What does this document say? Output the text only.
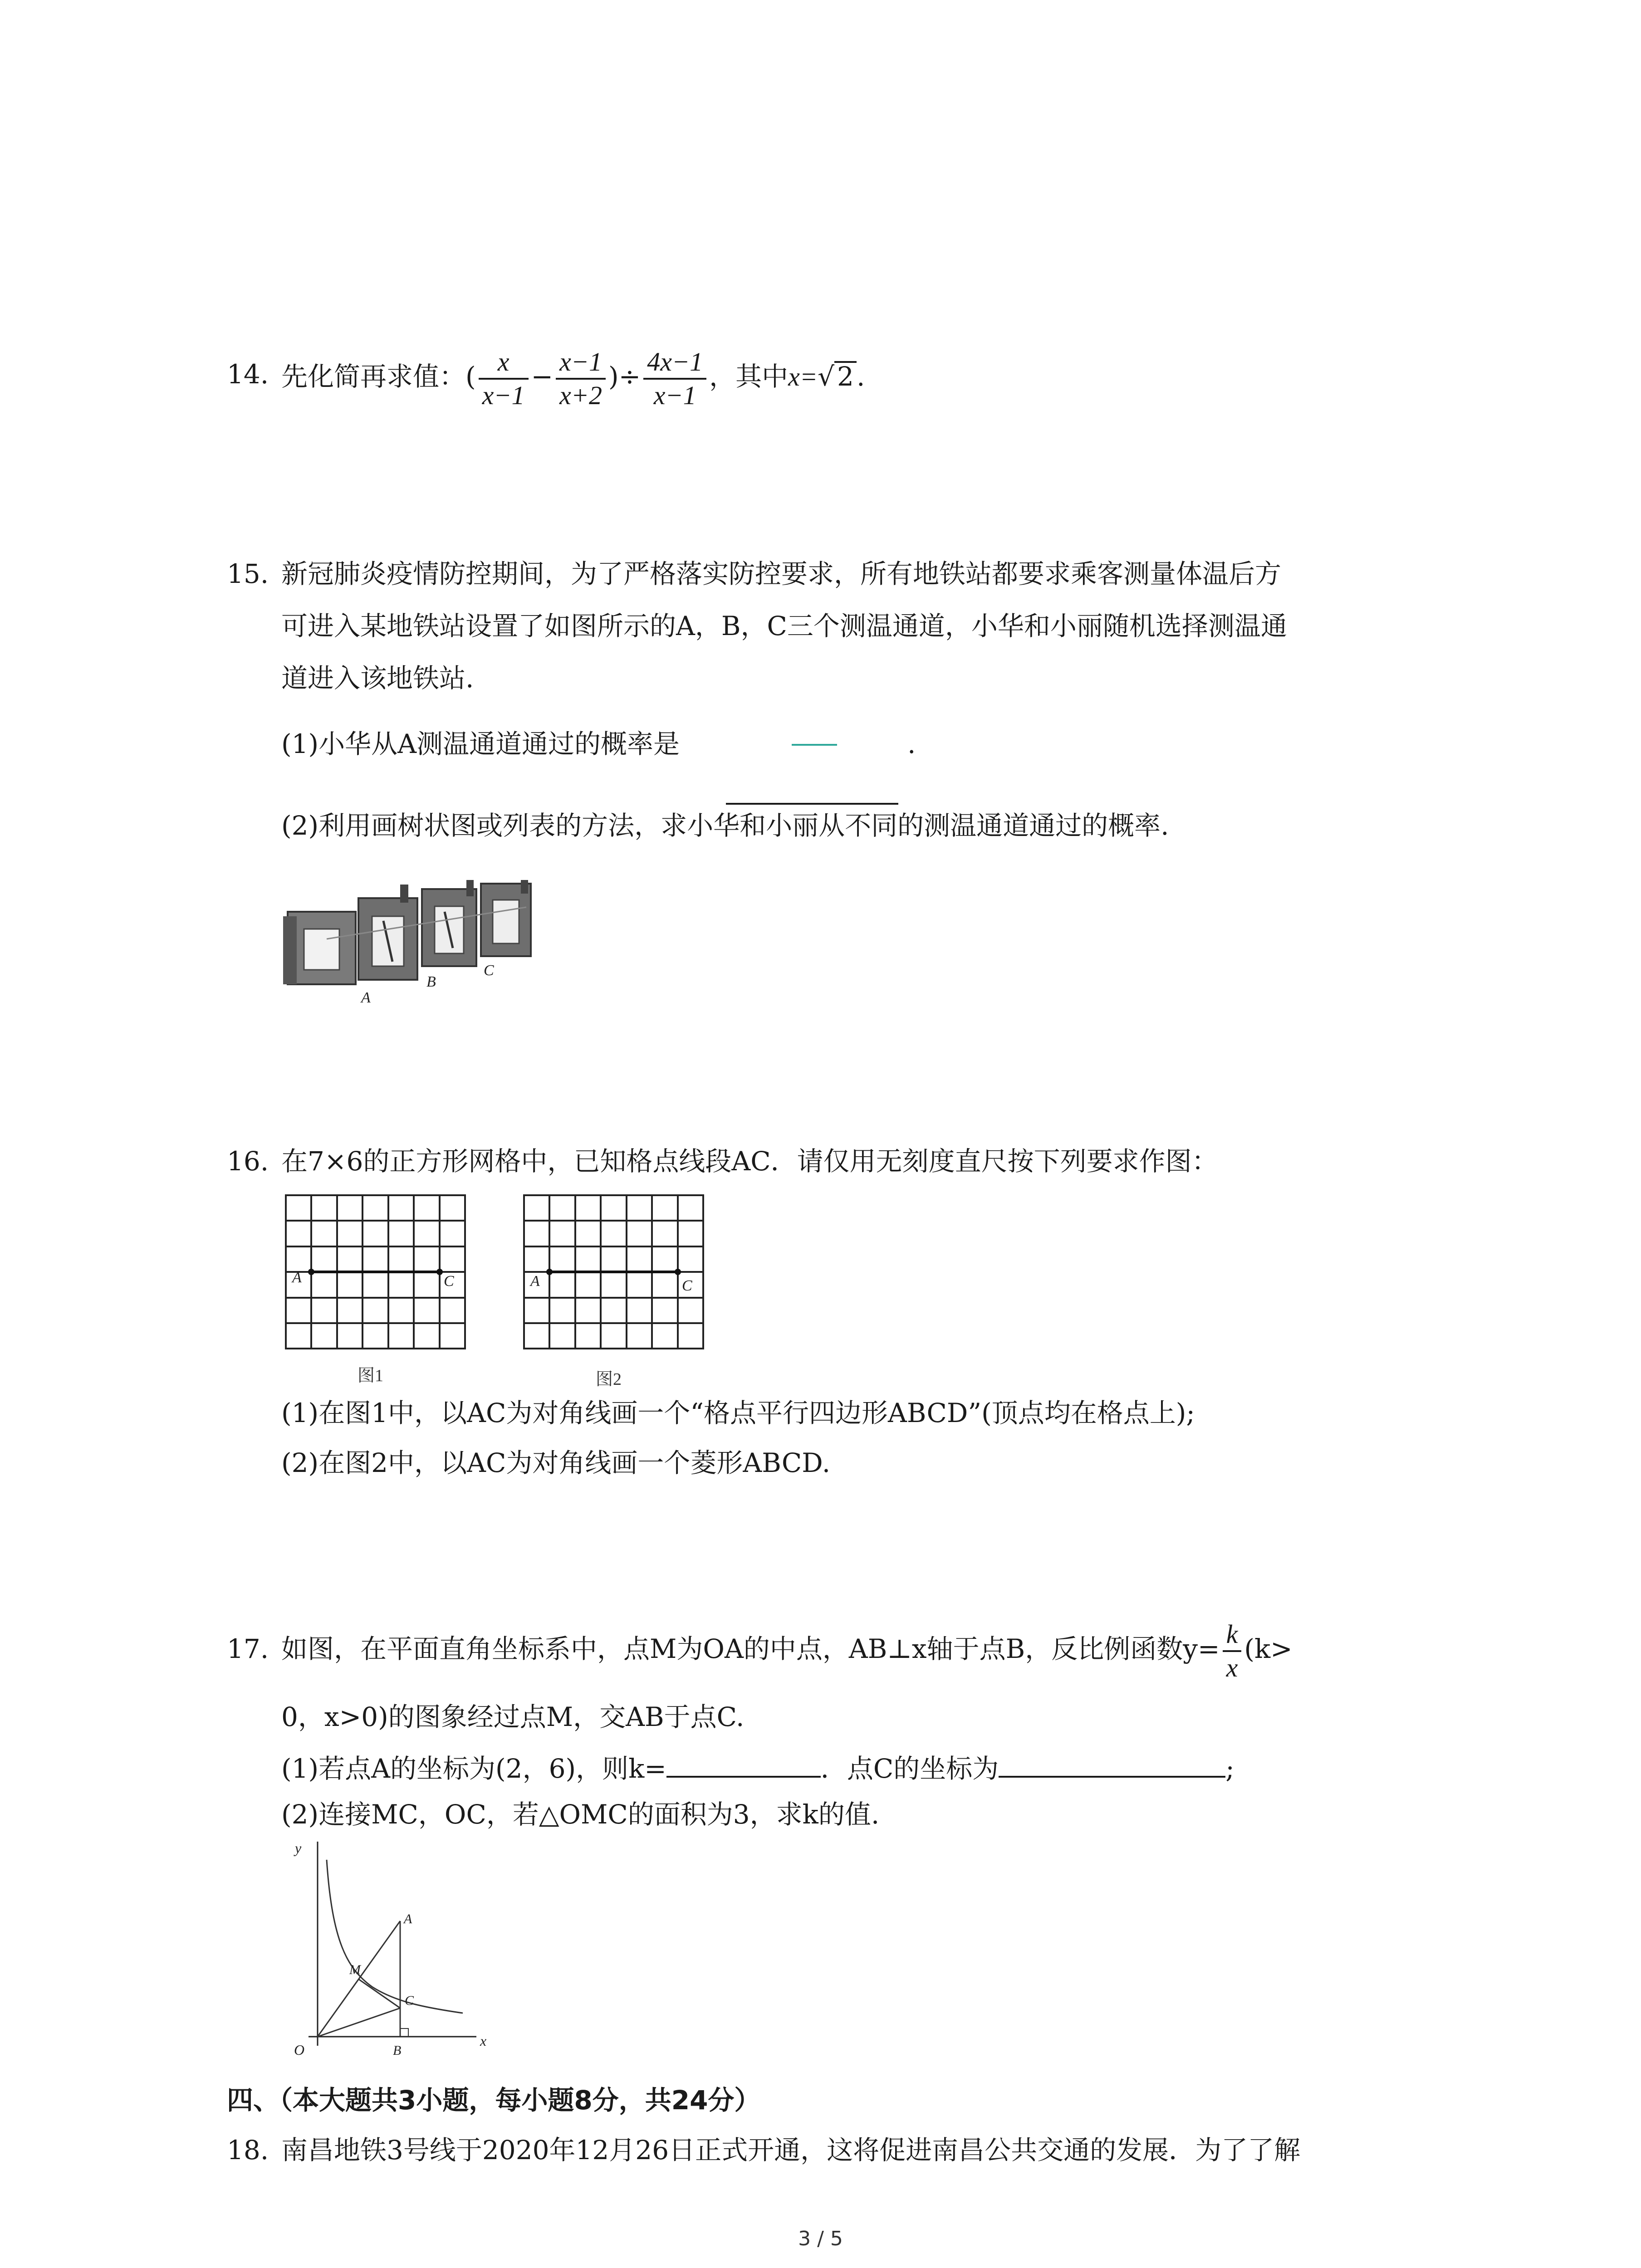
14. 先化简再求值：( $\frac{x}{x-1} - \frac{x-1}{x+2}$ )÷ $\frac{4x-1}{x-1}$ ，其中x=√ 2 .
15. 新冠肺炎疫情防控期间，为了严格落实防控要求，所有地铁站都要求乘客测量体温后方
可进入某地铁站设置了如图所示的A，B，C三个测温通道，小华和小丽随机选择测温通
道进入该地铁站.
(1)小华从A测温通道通过的概率是	.
(2)利用画树状图或列表的方法，求小华和小丽从不同的测温通道通过的概率.
A
B
C
16. 在7×6的正方形网格中，已知格点线段AC．请仅用无刻度直尺按下列要求作图：
A	C
图1
A	C
图2
(1)在图1中，以AC为对角线画一个“格点平行四边形ABCD”(顶点均在格点上);
(2)在图2中，以AC为对角线画一个菱形ABCD.
17. 如图，在平面直角坐标系中，点M为OA的中点，AB⊥x轴于点B，反比例函数$y= \frac{k}{x} (k>$
0，x>0)的图象经过点M，交AB于点C.
(1)若点A的坐标为(2，6)，则k=	．点C的坐标为	;
(2)连接MC，OC，若△OMC的面积为3，求k的值.
y
x
O
A
M
C
B
四、（本大题共3小题，每小题8分，共24分）
18. 南昌地铁3号线于2020年12月26日正式开通，这将促进南昌公共交通的发展．为了了解
3 / 5
